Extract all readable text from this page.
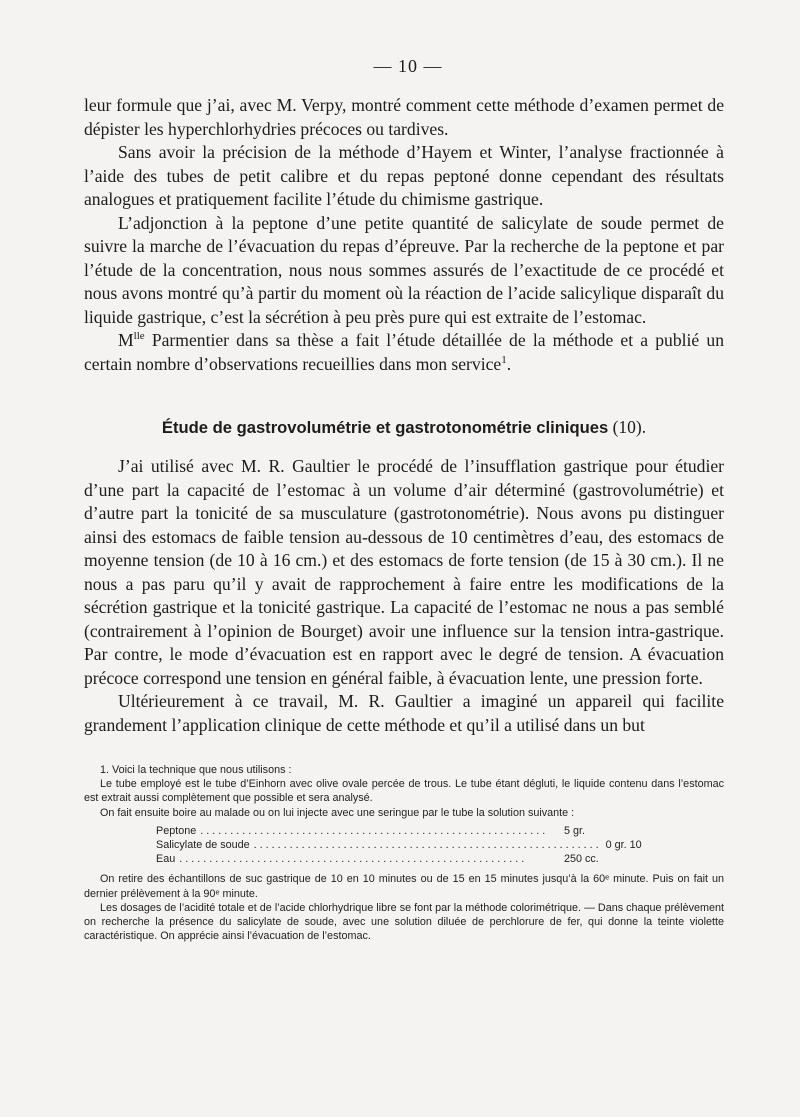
— 10 —

leur formule que j’ai, avec M. Verpy, montré comment cette méthode d’examen permet de dépister les hyperchlorhydries précoces ou tardives.

Sans avoir la précision de la méthode d’Hayem et Winter, l’analyse fractionnée à l’aide des tubes de petit calibre et du repas peptoné donne cependant des résultats analogues et pratiquement facilite l’étude du chimisme gastrique.

L’adjonction à la peptone d’une petite quantité de salicylate de soude permet de suivre la marche de l’évacuation du repas d’épreuve. Par la recherche de la peptone et par l’étude de la concentration, nous nous sommes assurés de l’exactitude de ce procédé et nous avons montré qu’à partir du moment où la réaction de l’acide salicylique disparaît du liquide gastrique, c’est la sécrétion à peu près pure qui est extraite de l’estomac.

$M^{lle}$ Parmentier dans sa thèse a fait l’étude détaillée de la méthode et a publié un certain nombre d’observations recueillies dans mon service$^1$.

Étude de gastrovolumétrie et gastrotonométrie cliniques (10).

J’ai utilisé avec M. R. Gaultier le procédé de l’insufflation gastrique pour étudier d’une part la capacité de l’estomac à un volume d’air déterminé (gastrovolumétrie) et d’autre part la tonicité de sa musculature (gastrotonométrie). Nous avons pu distinguer ainsi des estomacs de faible tension au-dessous de 10 centimètres d’eau, des estomacs de moyenne tension (de 10 à 16 cm.) et des estomacs de forte tension (de 15 à 30 cm.). Il ne nous a pas paru qu’il y avait de rapprochement à faire entre les modifications de la sécrétion gastrique et la tonicité gastrique. La capacité de l’estomac ne nous a pas semblé (contrairement à l’opinion de Bourget) avoir une influence sur la tension intra-gastrique. Par contre, le mode d’évacuation est en rapport avec le degré de tension. A évacuation précoce correspond une tension en général faible, à évacuation lente, une pression forte.

Ultérieurement à ce travail, M. R. Gaultier a imaginé un appareil qui facilite grandement l’application clinique de cette méthode et qu’il a utilisé dans un but

1. Voici la technique que nous utilisons :

Le tube employé est le tube d’Einhorn avec olive ovale percée de trous. Le tube étant dégluti, le liquide contenu dans l’estomac est extrait aussi complètement que possible et sera analysé.

On fait ensuite boire au malade ou on lui injecte avec une seringue par le tube la solution suivante :

Peptone ..........................................................	5 gr.
Salicylate de soude .......................................................... 0 gr. 10
Eau ..........................................................	250 cc.

On retire des échantillons de suc gastrique de 10 en 10 minutes ou de 15 en 15 minutes jusqu’à la 60ᵉ minute. Puis on fait un dernier prélèvement à la 90ᵉ minute.

Les dosages de l’acidité totale et de l’acide chlorhydrique libre se font par la méthode colorimétrique. — Dans chaque prélèvement on recherche la présence du salicylate de soude, avec une solution diluée de perchlorure de fer, qui donne la teinte violette caractéristique. On apprécie ainsi l’évacuation de l’estomac.
